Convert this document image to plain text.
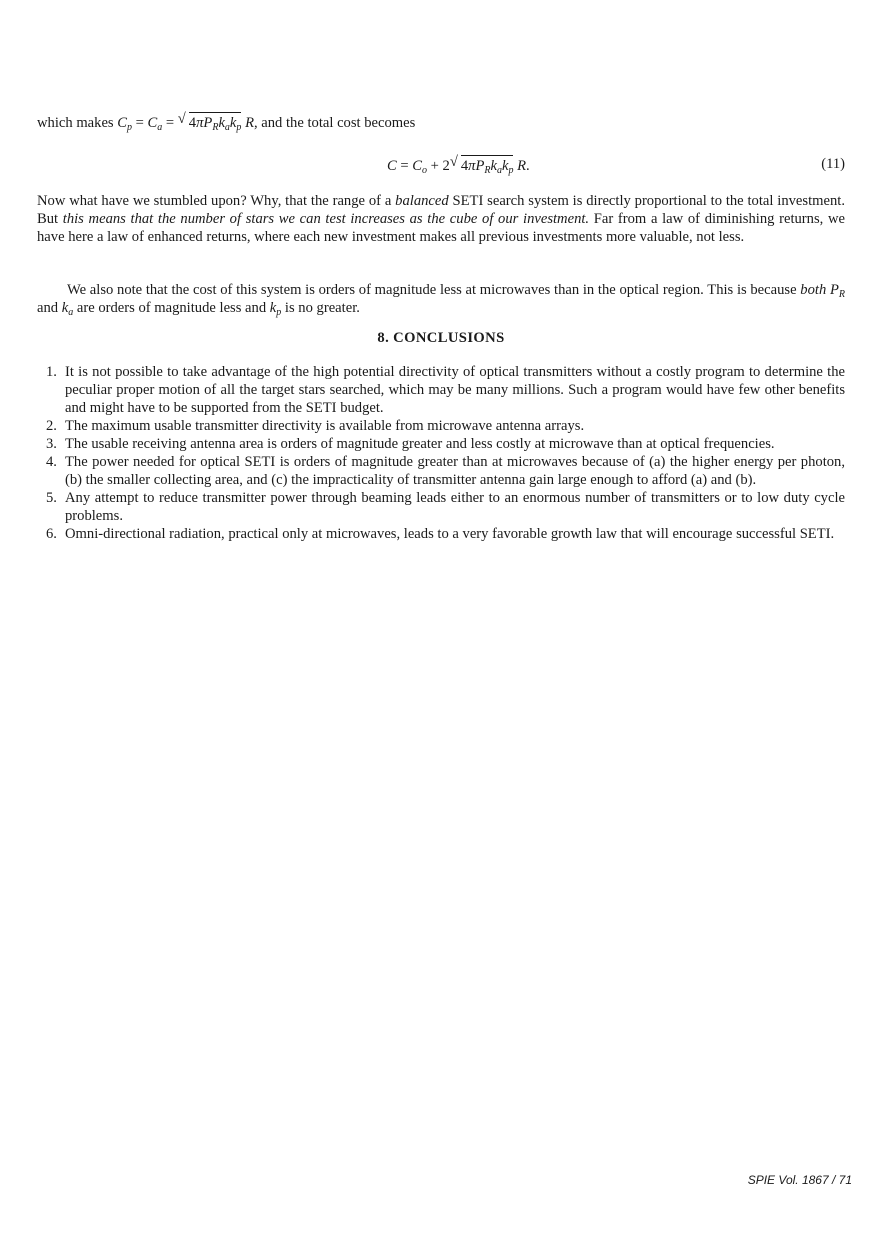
which makes $C_p = C_a$ = √ $4\pi P_Rk_ak_p$ R, and the total cost becomes
$C = C_o + 2$ √ $4\pi P_Rk_ak_p$ R.	(11)
Now what have we stumbled upon? Why, that the range of a balanced SETI search system is directly proportional to the total investment. But this means that the number of stars we can test increases as the cube of our investment. Far from a law of diminishing returns, we have here a law of enhanced returns, where each new investment makes all previous investments more valuable, not less.
We also note that the cost of this system is orders of magnitude less at microwaves than in the optical region. This is because both $P_R$ and $k_a$ are orders of magnitude less and $k_p$ is no greater.
8. CONCLUSIONS
1. It is not possible to take advantage of the high potential directivity of optical transmitters without a costly program to determine the peculiar proper motion of all the target stars searched, which may be many millions. Such a program would have few other benefits and might have to be supported from the SETI budget.
2. The maximum usable transmitter directivity is available from microwave antenna arrays.
3. The usable receiving antenna area is orders of magnitude greater and less costly at microwave than at optical frequencies.
4. The power needed for optical SETI is orders of magnitude greater than at microwaves because of (a) the higher energy per photon, (b) the smaller collecting area, and (c) the impracticality of transmitter antenna gain large enough to afford (a) and (b).
5. Any attempt to reduce transmitter power through beaming leads either to an enormous number of transmitters or to low duty cycle problems.
6. Omni-directional radiation, practical only at microwaves, leads to a very favorable growth law that will encourage successful SETI.
SPIE Vol. 1867 / 71
